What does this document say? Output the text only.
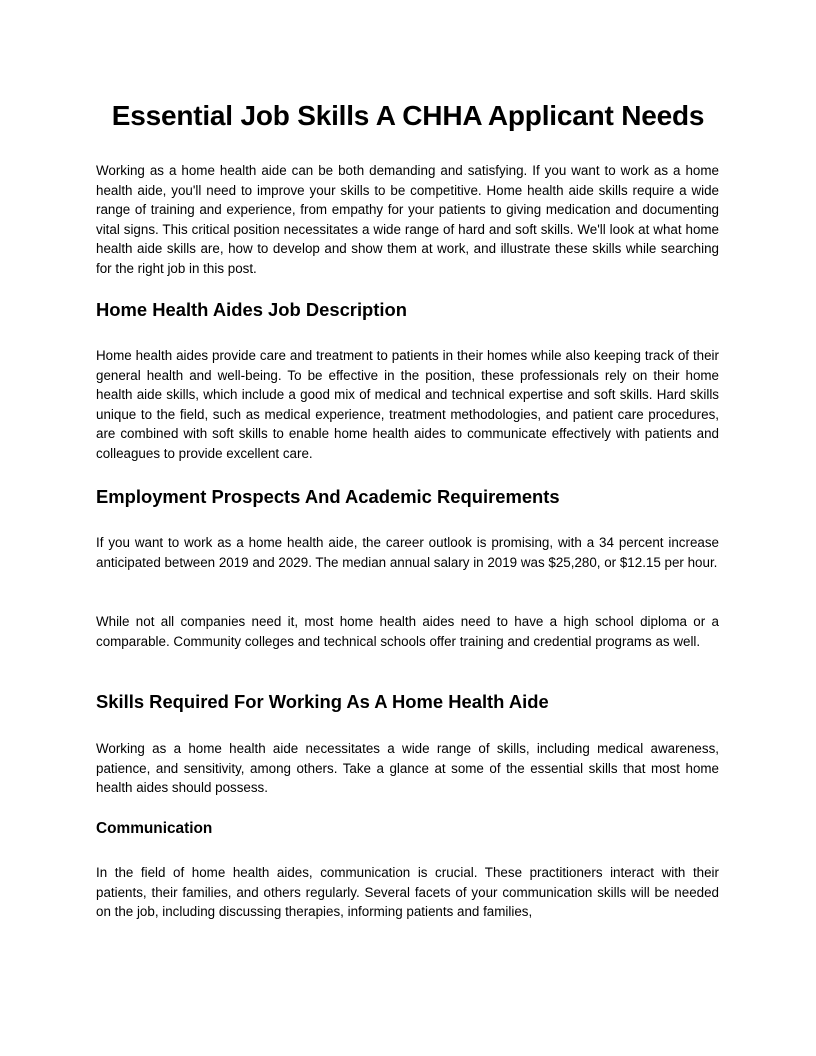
Essential Job Skills A CHHA Applicant Needs

Working as a home health aide can be both demanding and satisfying. If you want to work as a home health aide, you'll need to improve your skills to be competitive. Home health aide skills require a wide range of training and experience, from empathy for your patients to giving medication and documenting vital signs. This critical position necessitates a wide range of hard and soft skills. We'll look at what home health aide skills are, how to develop and show them at work, and illustrate these skills while searching for the right job in this post.

Home Health Aides Job Description

Home health aides provide care and treatment to patients in their homes while also keeping track of their general health and well-being. To be effective in the position, these professionals rely on their home health aide skills, which include a good mix of medical and technical expertise and soft skills. Hard skills unique to the field, such as medical experience, treatment methodologies, and patient care procedures, are combined with soft skills to enable home health aides to communicate effectively with patients and colleagues to provide excellent care.

Employment Prospects And Academic Requirements

If you want to work as a home health aide, the career outlook is promising, with a 34 percent increase anticipated between 2019 and 2029. The median annual salary in 2019 was $25,280, or $12.15 per hour.

While not all companies need it, most home health aides need to have a high school diploma or a comparable. Community colleges and technical schools offer training and credential programs as well.

Skills Required For Working As A Home Health Aide

Working as a home health aide necessitates a wide range of skills, including medical awareness, patience, and sensitivity, among others. Take a glance at some of the essential skills that most home health aides should possess.

Communication

In the field of home health aides, communication is crucial. These practitioners interact with their patients, their families, and others regularly. Several facets of your communication skills will be needed on the job, including discussing therapies, informing patients and families,
